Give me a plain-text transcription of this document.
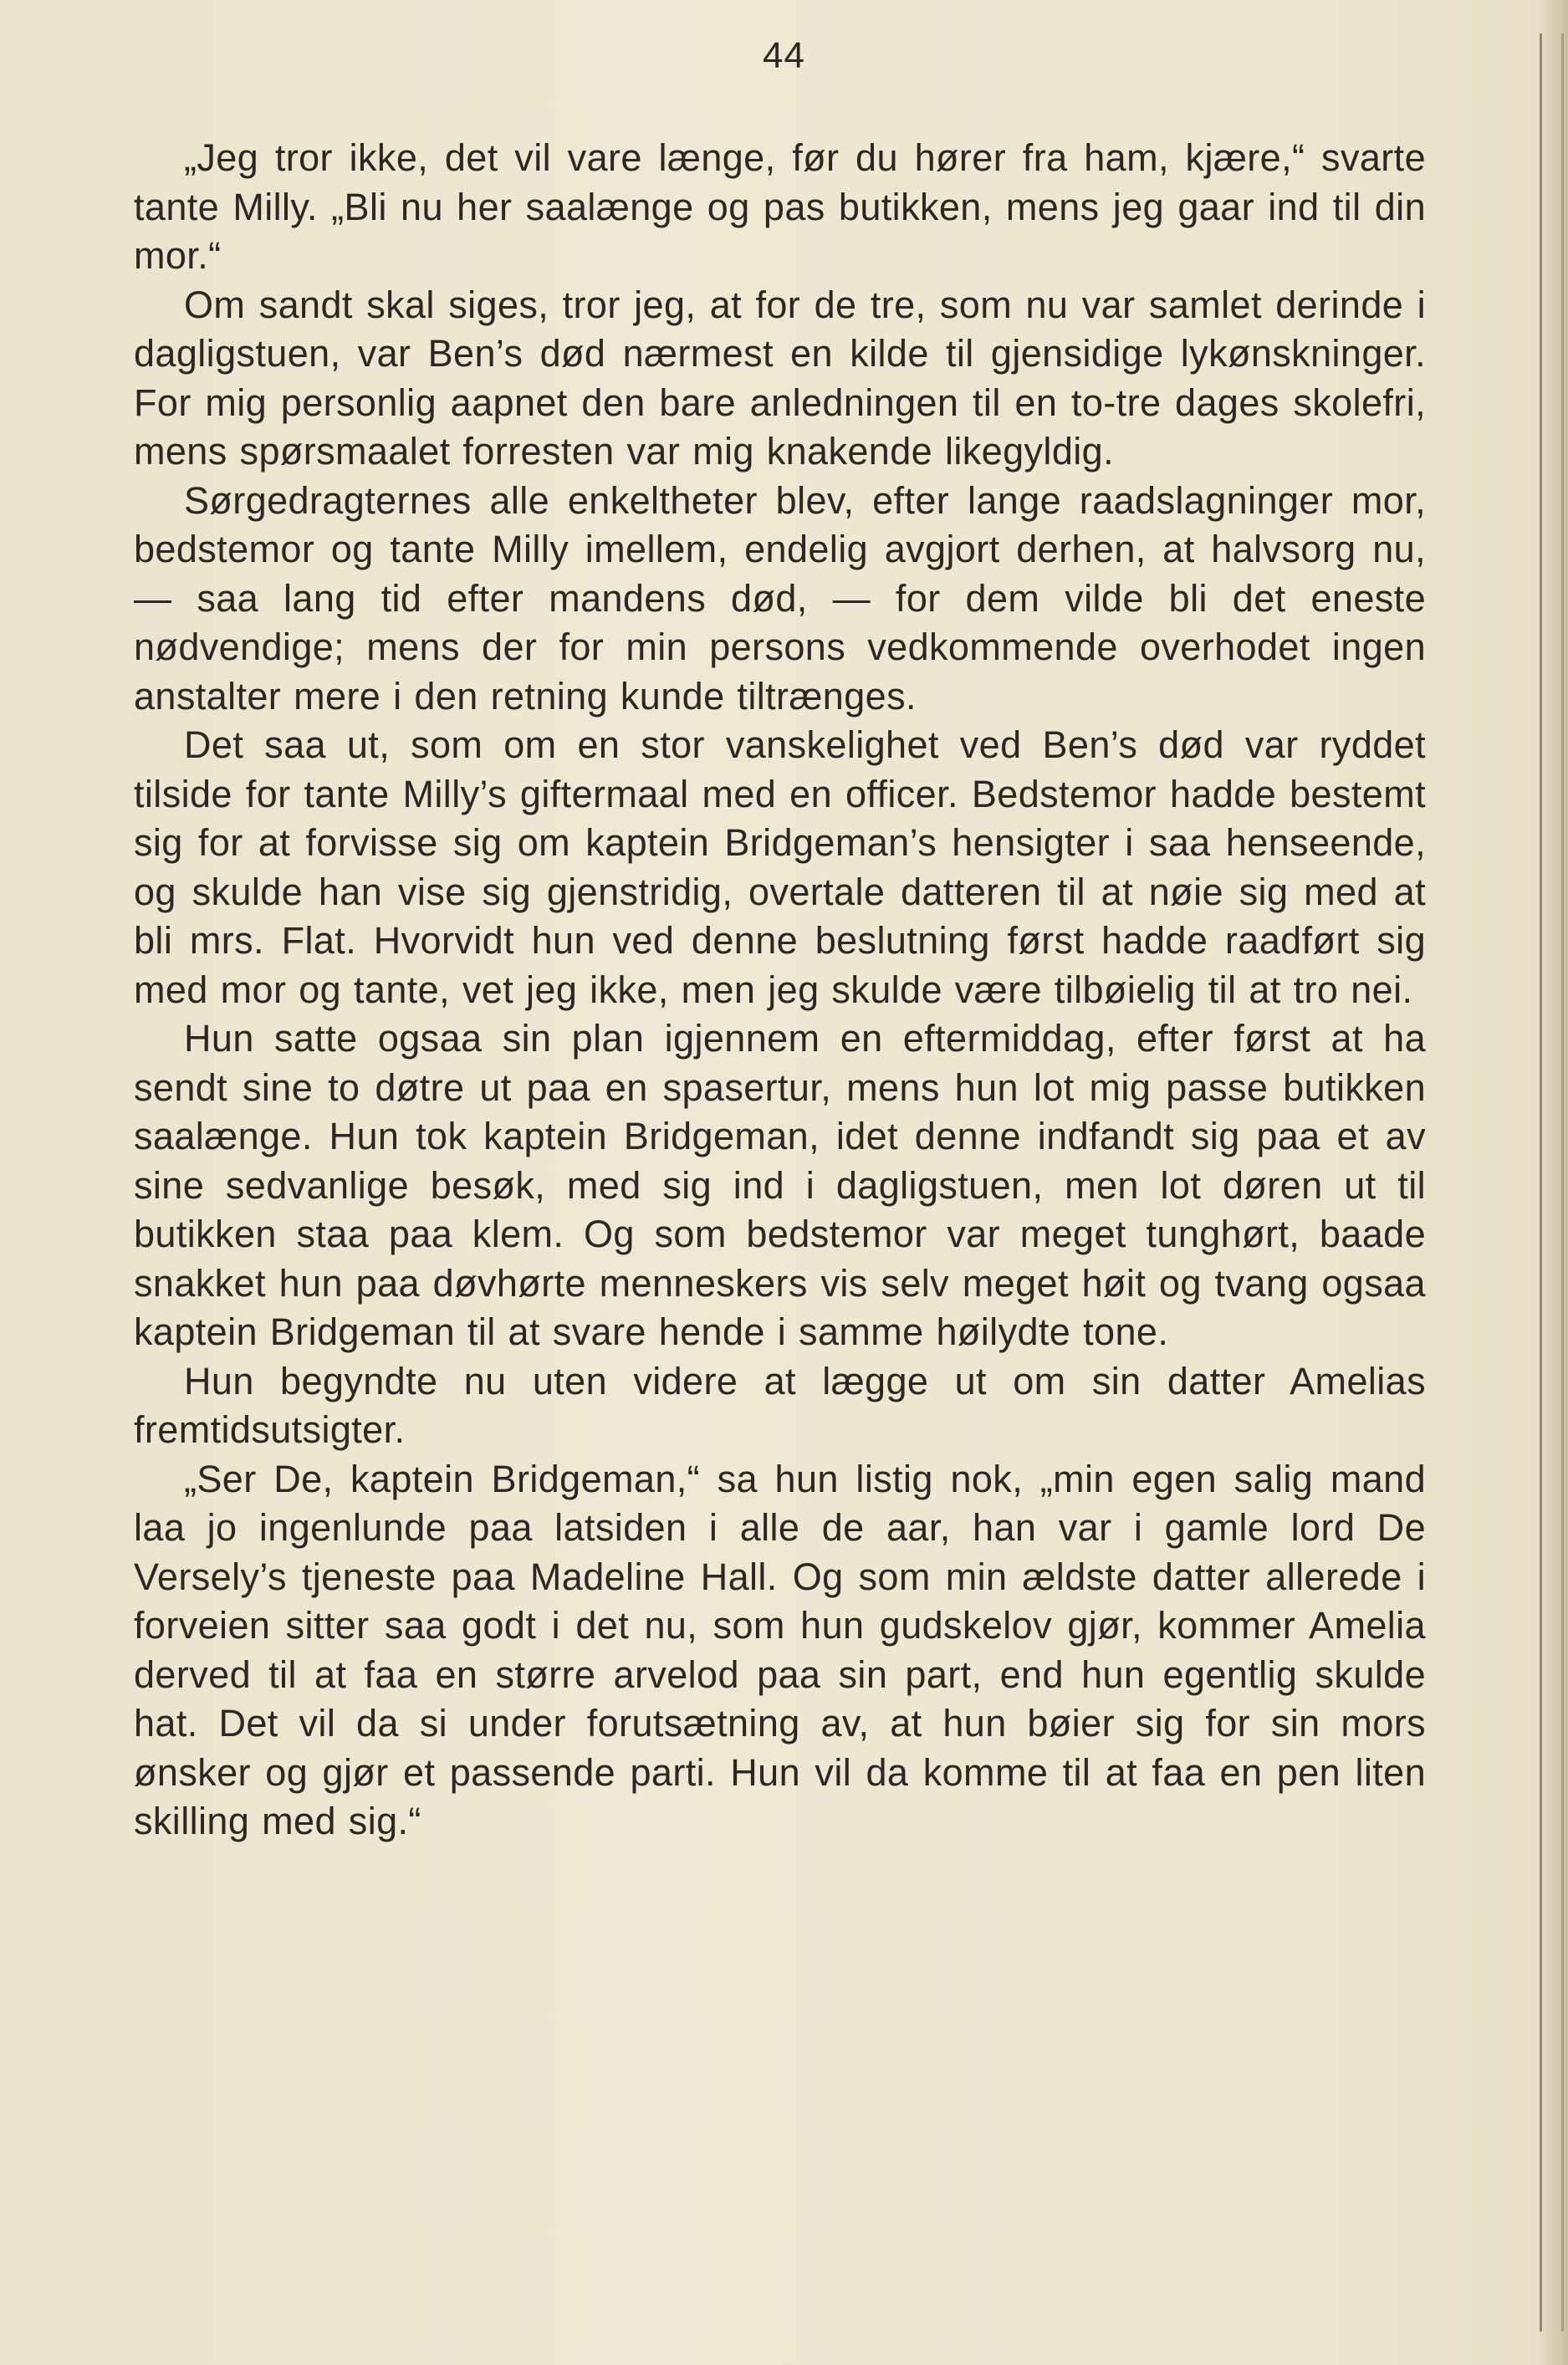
44

„Jeg tror ikke, det vil vare længe, før du hører fra ham, kjære,“ svarte tante Milly. „Bli nu her saalænge og pas butikken, mens jeg gaar ind til din mor.“

Om sandt skal siges, tror jeg, at for de tre, som nu var samlet derinde i dagligstuen, var Ben’s død nærmest en kilde til gjensidige lykønskninger. For mig personlig aapnet den bare anledningen til en to-tre dages skolefri, mens spørsmaalet forresten var mig knakende likegyldig.

Sørgedragternes alle enkeltheter blev, efter lange raadslagninger mor, bedstemor og tante Milly imellem, endelig avgjort derhen, at halvsorg nu, — saa lang tid efter mandens død, — for dem vilde bli det eneste nødvendige; mens der for min persons vedkommende overhodet ingen anstalter mere i den retning kunde tiltrænges.

Det saa ut, som om en stor vanskelighet ved Ben’s død var ryddet tilside for tante Milly’s giftermaal med en officer. Bedstemor hadde bestemt sig for at forvisse sig om kaptein Bridgeman’s hensigter i saa henseende, og skulde han vise sig gjenstridig, overtale datteren til at nøie sig med at bli mrs. Flat. Hvorvidt hun ved denne beslutning først hadde raadført sig med mor og tante, vet jeg ikke, men jeg skulde være tilbøielig til at tro nei.

Hun satte ogsaa sin plan igjennem en eftermiddag, efter først at ha sendt sine to døtre ut paa en spasertur, mens hun lot mig passe butikken saalænge. Hun tok kaptein Bridgeman, idet denne indfandt sig paa et av sine sedvanlige besøk, med sig ind i dagligstuen, men lot døren ut til butikken staa paa klem. Og som bedstemor var meget tunghørt, baade snakket hun paa døvhørte menneskers vis selv meget høit og tvang ogsaa kaptein Bridgeman til at svare hende i samme høilydte tone.

Hun begyndte nu uten videre at lægge ut om sin datter Amelias fremtidsutsigter.

„Ser De, kaptein Bridgeman,“ sa hun listig nok, „min egen salig mand laa jo ingenlunde paa latsiden i alle de aar, han var i gamle lord De Versely’s tjeneste paa Madeline Hall. Og som min ældste datter allerede i forveien sitter saa godt i det nu, som hun gudskelov gjør, kommer Amelia derved til at faa en større arvelod paa sin part, end hun egentlig skulde hat. Det vil da si under forutsætning av, at hun bøier sig for sin mors ønsker og gjør et passende parti. Hun vil da komme til at faa en pen liten skilling med sig.“
